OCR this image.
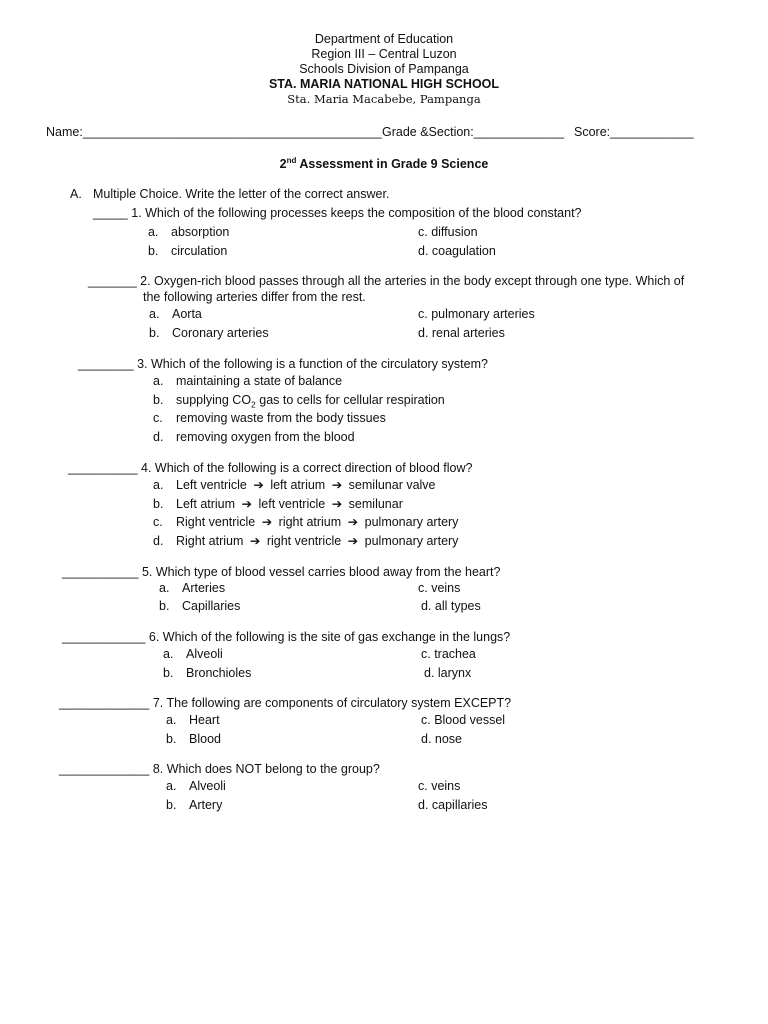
Department of Education
Region III – Central Luzon
Schools Division of Pampanga
STA. MARIA NATIONAL HIGH SCHOOL
Sta. Maria Macabebe, Pampanga
Name:___________________________________________ Grade &Section:_____________ Score:____________
2nd Assessment in Grade 9 Science
A. Multiple Choice. Write the letter of the correct answer.
_____ 1. Which of the following processes keeps the composition of the blood constant?
a. absorption
b. circulation
c. diffusion
d. coagulation
_______ 2. Oxygen-rich blood passes through all the arteries in the body except through one type. Which of
the following arteries differ from the rest.
a. Aorta
b. Coronary arteries
c. pulmonary arteries
d. renal arteries
________ 3. Which of the following is a function of the circulatory system?
a. maintaining a state of balance
b. supplying $CO_2$ gas to cells for cellular respiration
c. removing waste from the body tissues
d. removing oxygen from the blood
__________ 4. Which of the following is a correct direction of blood flow?
a. Left ventricle ➔ left atrium ➔ semilunar valve
b. Left atrium ➔ left ventricle ➔ semilunar
c. Right ventricle ➔ right atrium ➔ pulmonary artery
d. Right atrium ➔ right ventricle ➔ pulmonary artery
___________ 5. Which type of blood vessel carries blood away from the heart?
a. Arteries
b. Capillaries
c. veins
d. all types
____________ 6. Which of the following is the site of gas exchange in the lungs?
a. Alveoli
b. Bronchioles
c. trachea
d. larynx
_____________ 7. The following are components of circulatory system EXCEPT?
a. Heart
b. Blood
c. Blood vessel
d. nose
_____________ 8. Which does NOT belong to the group?
a. Alveoli
b. Artery
c. veins
d. capillaries
